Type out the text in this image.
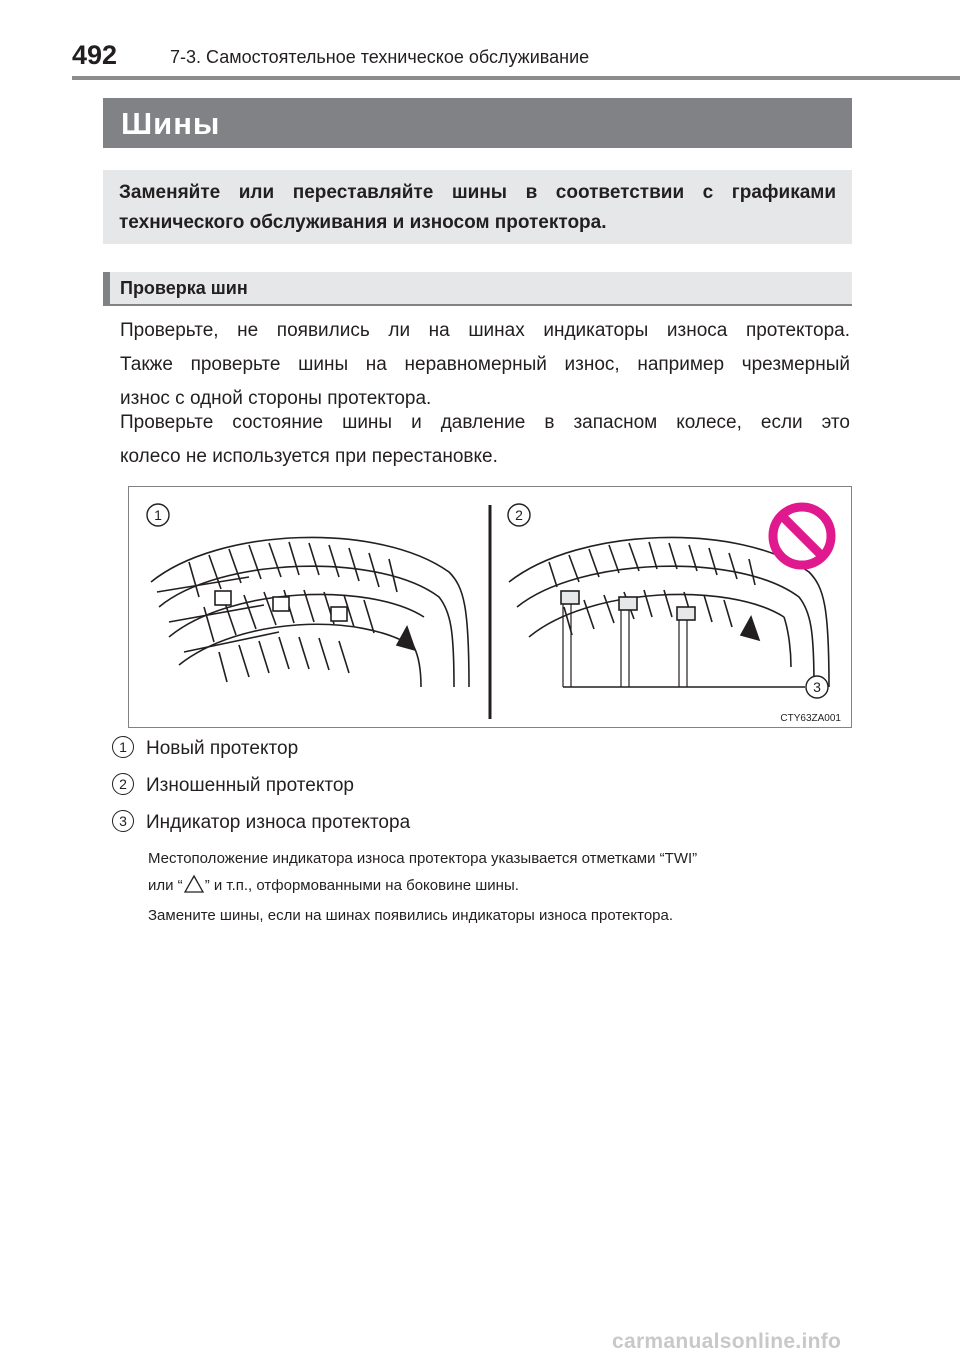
492	7-3. Самостоятельное техническое обслуживание
Шины
Заменяйте или переставляйте шины в соответствии с графиками
технического обслуживания и износом протектора.
Проверка шин
Проверьте, не появились ли на шинах индикаторы износа протектора.
Также проверьте шины на неравномерный износ, например чрезмерный
износ с одной стороны протектора.
Проверьте состояние шины и давление в запасном колесе, если это
колесо не используется при перестановке.
1	2
3
CTY63ZA001
1 Новый протектор
2 Изношенный протектор
3 Индикатор износа протектора
Местоположение индикатора износа протектора указывается отметками “TWI”
или “ ” и т.п., отформованными на боковине шины.
Замените шины, если на шинах появились индикаторы износа протектора.
carmanualsonline.info
